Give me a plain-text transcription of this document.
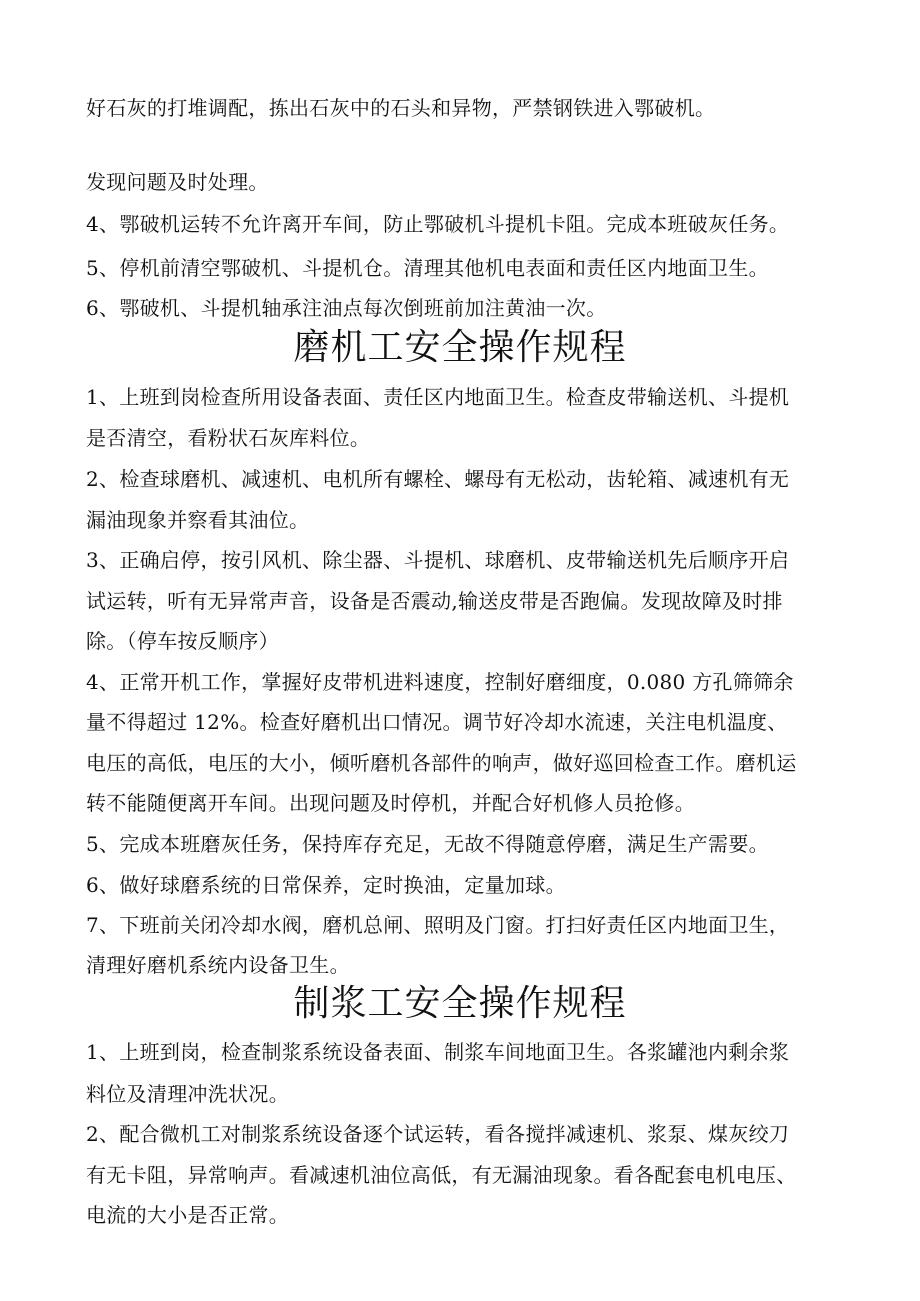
好石灰的打堆调配，拣出石灰中的石头和异物，严禁钢铁进入鄂破机。
发现问题及时处理。
4、鄂破机运转不允许离开车间，防止鄂破机斗提机卡阻。完成本班破灰任务。
5、停机前清空鄂破机、斗提机仓。清理其他机电表面和责任区内地面卫生。
6、鄂破机、斗提机轴承注油点每次倒班前加注黄油一次。
磨机工安全操作规程
1、上班到岗检查所用设备表面、责任区内地面卫生。检查皮带输送机、斗提机
是否清空，看粉状石灰库料位。
2、检查球磨机、减速机、电机所有螺栓、螺母有无松动，齿轮箱、减速机有无
漏油现象并察看其油位。
3、正确启停，按引风机、除尘器、斗提机、球磨机、皮带输送机先后顺序开启
试运转，听有无异常声音，设备是否震动,输送皮带是否跑偏。发现故障及时排
除。（停车按反顺序）
4、正常开机工作，掌握好皮带机进料速度，控制好磨细度，0.080 方孔筛筛余
量不得超过 12%。检查好磨机出口情况。调节好冷却水流速，关注电机温度、
电压的高低，电压的大小，倾听磨机各部件的响声，做好巡回检查工作。磨机运
转不能随便离开车间。出现问题及时停机，并配合好机修人员抢修。
5、完成本班磨灰任务，保持库存充足，无故不得随意停磨，满足生产需要。
6、做好球磨系统的日常保养，定时换油，定量加球。
7、下班前关闭冷却水阀，磨机总闸、照明及门窗。打扫好责任区内地面卫生，
清理好磨机系统内设备卫生。
制浆工安全操作规程
1、上班到岗，检查制浆系统设备表面、制浆车间地面卫生。各浆罐池内剩余浆
料位及清理冲洗状况。
2、配合微机工对制浆系统设备逐个试运转，看各搅拌减速机、浆泵、煤灰绞刀
有无卡阻，异常响声。看减速机油位高低，有无漏油现象。看各配套电机电压、
电流的大小是否正常。
